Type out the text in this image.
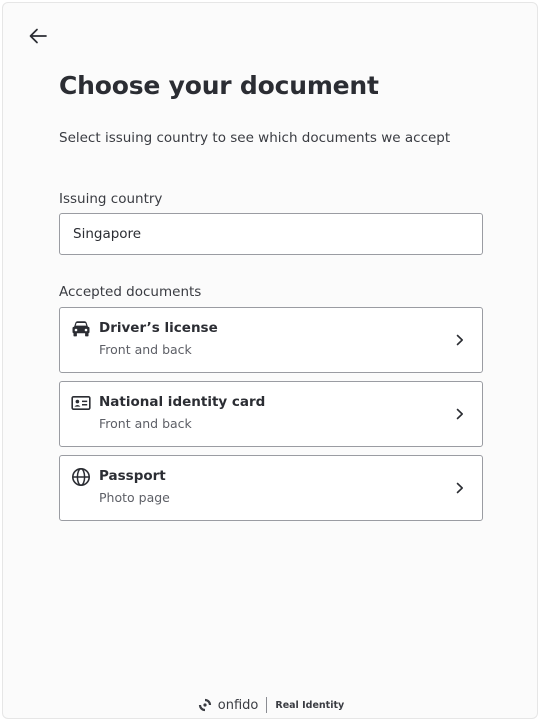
Choose your document
Select issuing country to see which documents we accept
Issuing country
Singapore
Accepted documents
Driver’s license
Front and back
National identity card
Front and back
Passport
Photo page
onfido Real Identity
